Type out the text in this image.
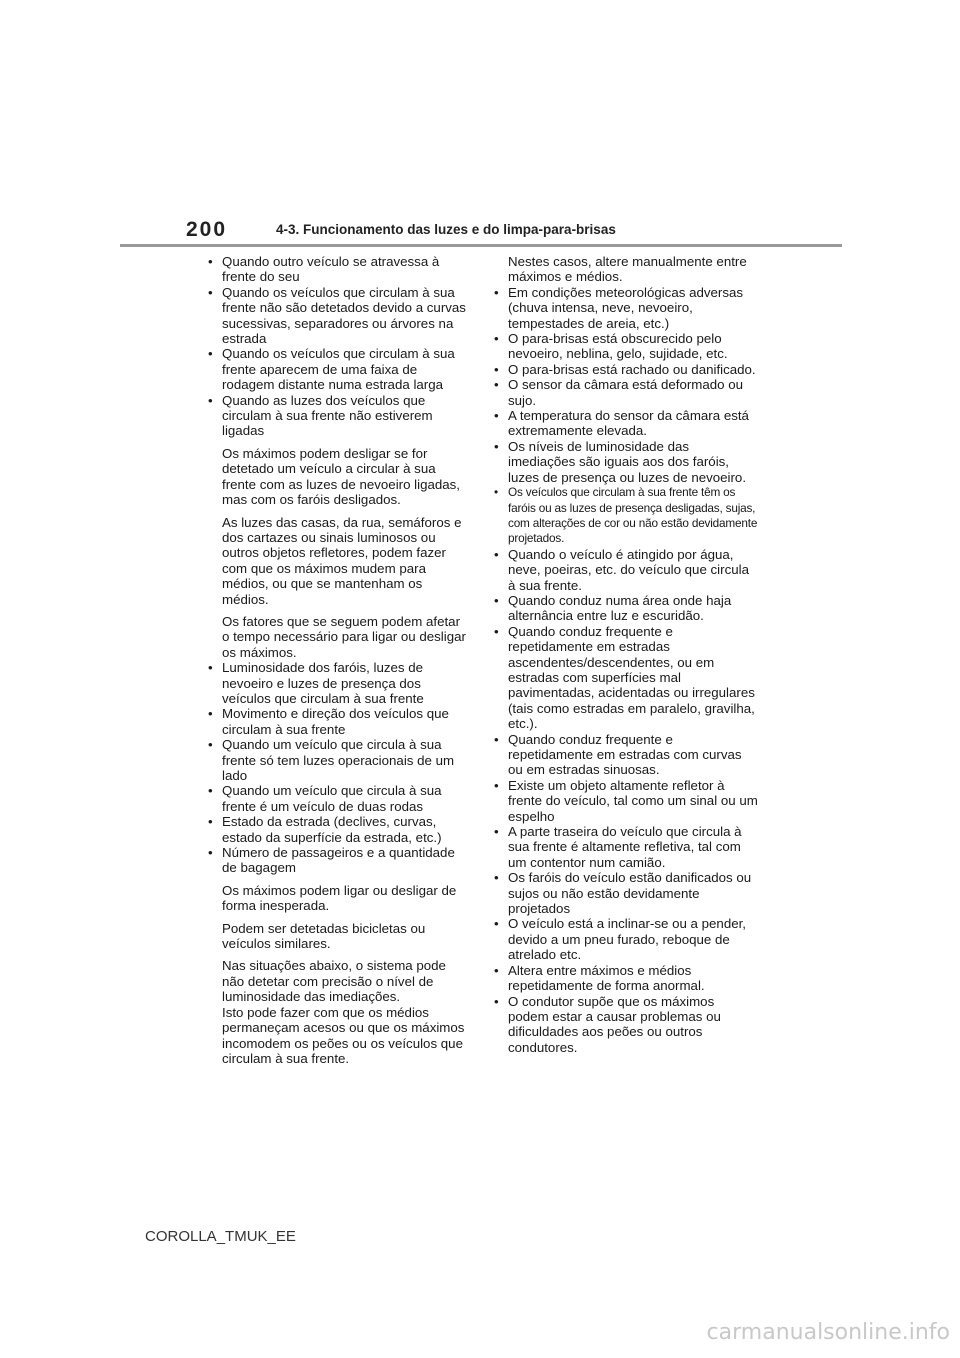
200	4-3. Funcionamento das luzes e do limpa-para-brisas
• Quando outro veículo se atravessa à frente do seu
• Quando os veículos que circulam à sua frente não são detetados devido a curvas sucessivas, separadores ou árvores na estrada
• Quando os veículos que circulam à sua frente aparecem de uma faixa de rodagem distante numa estrada larga
• Quando as luzes dos veículos que circulam à sua frente não estiverem ligadas
Os máximos podem desligar se for detetado um veículo a circular à sua frente com as luzes de nevoeiro ligadas, mas com os faróis desligados.
As luzes das casas, da rua, semáforos e dos cartazes ou sinais luminosos ou outros objetos refletores, podem fazer com que os máximos mudem para médios, ou que se mantenham os médios.
Os fatores que se seguem podem afetar o tempo necessário para ligar ou desligar os máximos.
• Luminosidade dos faróis, luzes de nevoeiro e luzes de presença dos veículos que circulam à sua frente
• Movimento e direção dos veículos que circulam à sua frente
• Quando um veículo que circula à sua frente só tem luzes operacionais de um lado
• Quando um veículo que circula à sua frente é um veículo de duas rodas
• Estado da estrada (declives, curvas, estado da superfície da estrada, etc.)
• Número de passageiros e a quantidade de bagagem
Os máximos podem ligar ou desligar de forma inesperada.
Podem ser detetadas bicicletas ou veículos similares.
Nas situações abaixo, o sistema pode não detetar com precisão o nível de luminosidade das imediações.
Isto pode fazer com que os médios permaneçam acesos ou que os máximos incomodem os peões ou os veículos que circulam à sua frente.
Nestes casos, altere manualmente entre máximos e médios.
• Em condições meteorológicas adversas (chuva intensa, neve, nevoeiro, tempestades de areia, etc.)
• O para-brisas está obscurecido pelo nevoeiro, neblina, gelo, sujidade, etc.
• O para-brisas está rachado ou danificado.
• O sensor da câmara está deformado ou sujo.
• A temperatura do sensor da câmara está extremamente elevada.
• Os níveis de luminosidade das imediações são iguais aos dos faróis, luzes de presença ou luzes de nevoeiro.
• Os veículos que circulam à sua frente têm os faróis ou as luzes de presença desligadas, sujas, com alterações de cor ou não estão devidamente projetados.
• Quando o veículo é atingido por água, neve, poeiras, etc. do veículo que circula à sua frente.
• Quando conduz numa área onde haja alternância entre luz e escuridão.
• Quando conduz frequente e repetidamente em estradas ascendentes/descendentes, ou em estradas com superfícies mal pavimentadas, acidentadas ou irregulares (tais como estradas em paralelo, gravilha, etc.).
• Quando conduz frequente e repetidamente em estradas com curvas ou em estradas sinuosas.
• Existe um objeto altamente refletor à frente do veículo, tal como um sinal ou um espelho
• A parte traseira do veículo que circula à sua frente é altamente refletiva, tal com um contentor num camião.
• Os faróis do veículo estão danificados ou sujos ou não estão devidamente projetados
• O veículo está a inclinar-se ou a pender, devido a um pneu furado, reboque de atrelado etc.
• Altera entre máximos e médios repetidamente de forma anormal.
• O condutor supõe que os máximos podem estar a causar problemas ou dificuldades aos peões ou outros condutores.
COROLLA_TMUK_EE
carmanualsonline.info
